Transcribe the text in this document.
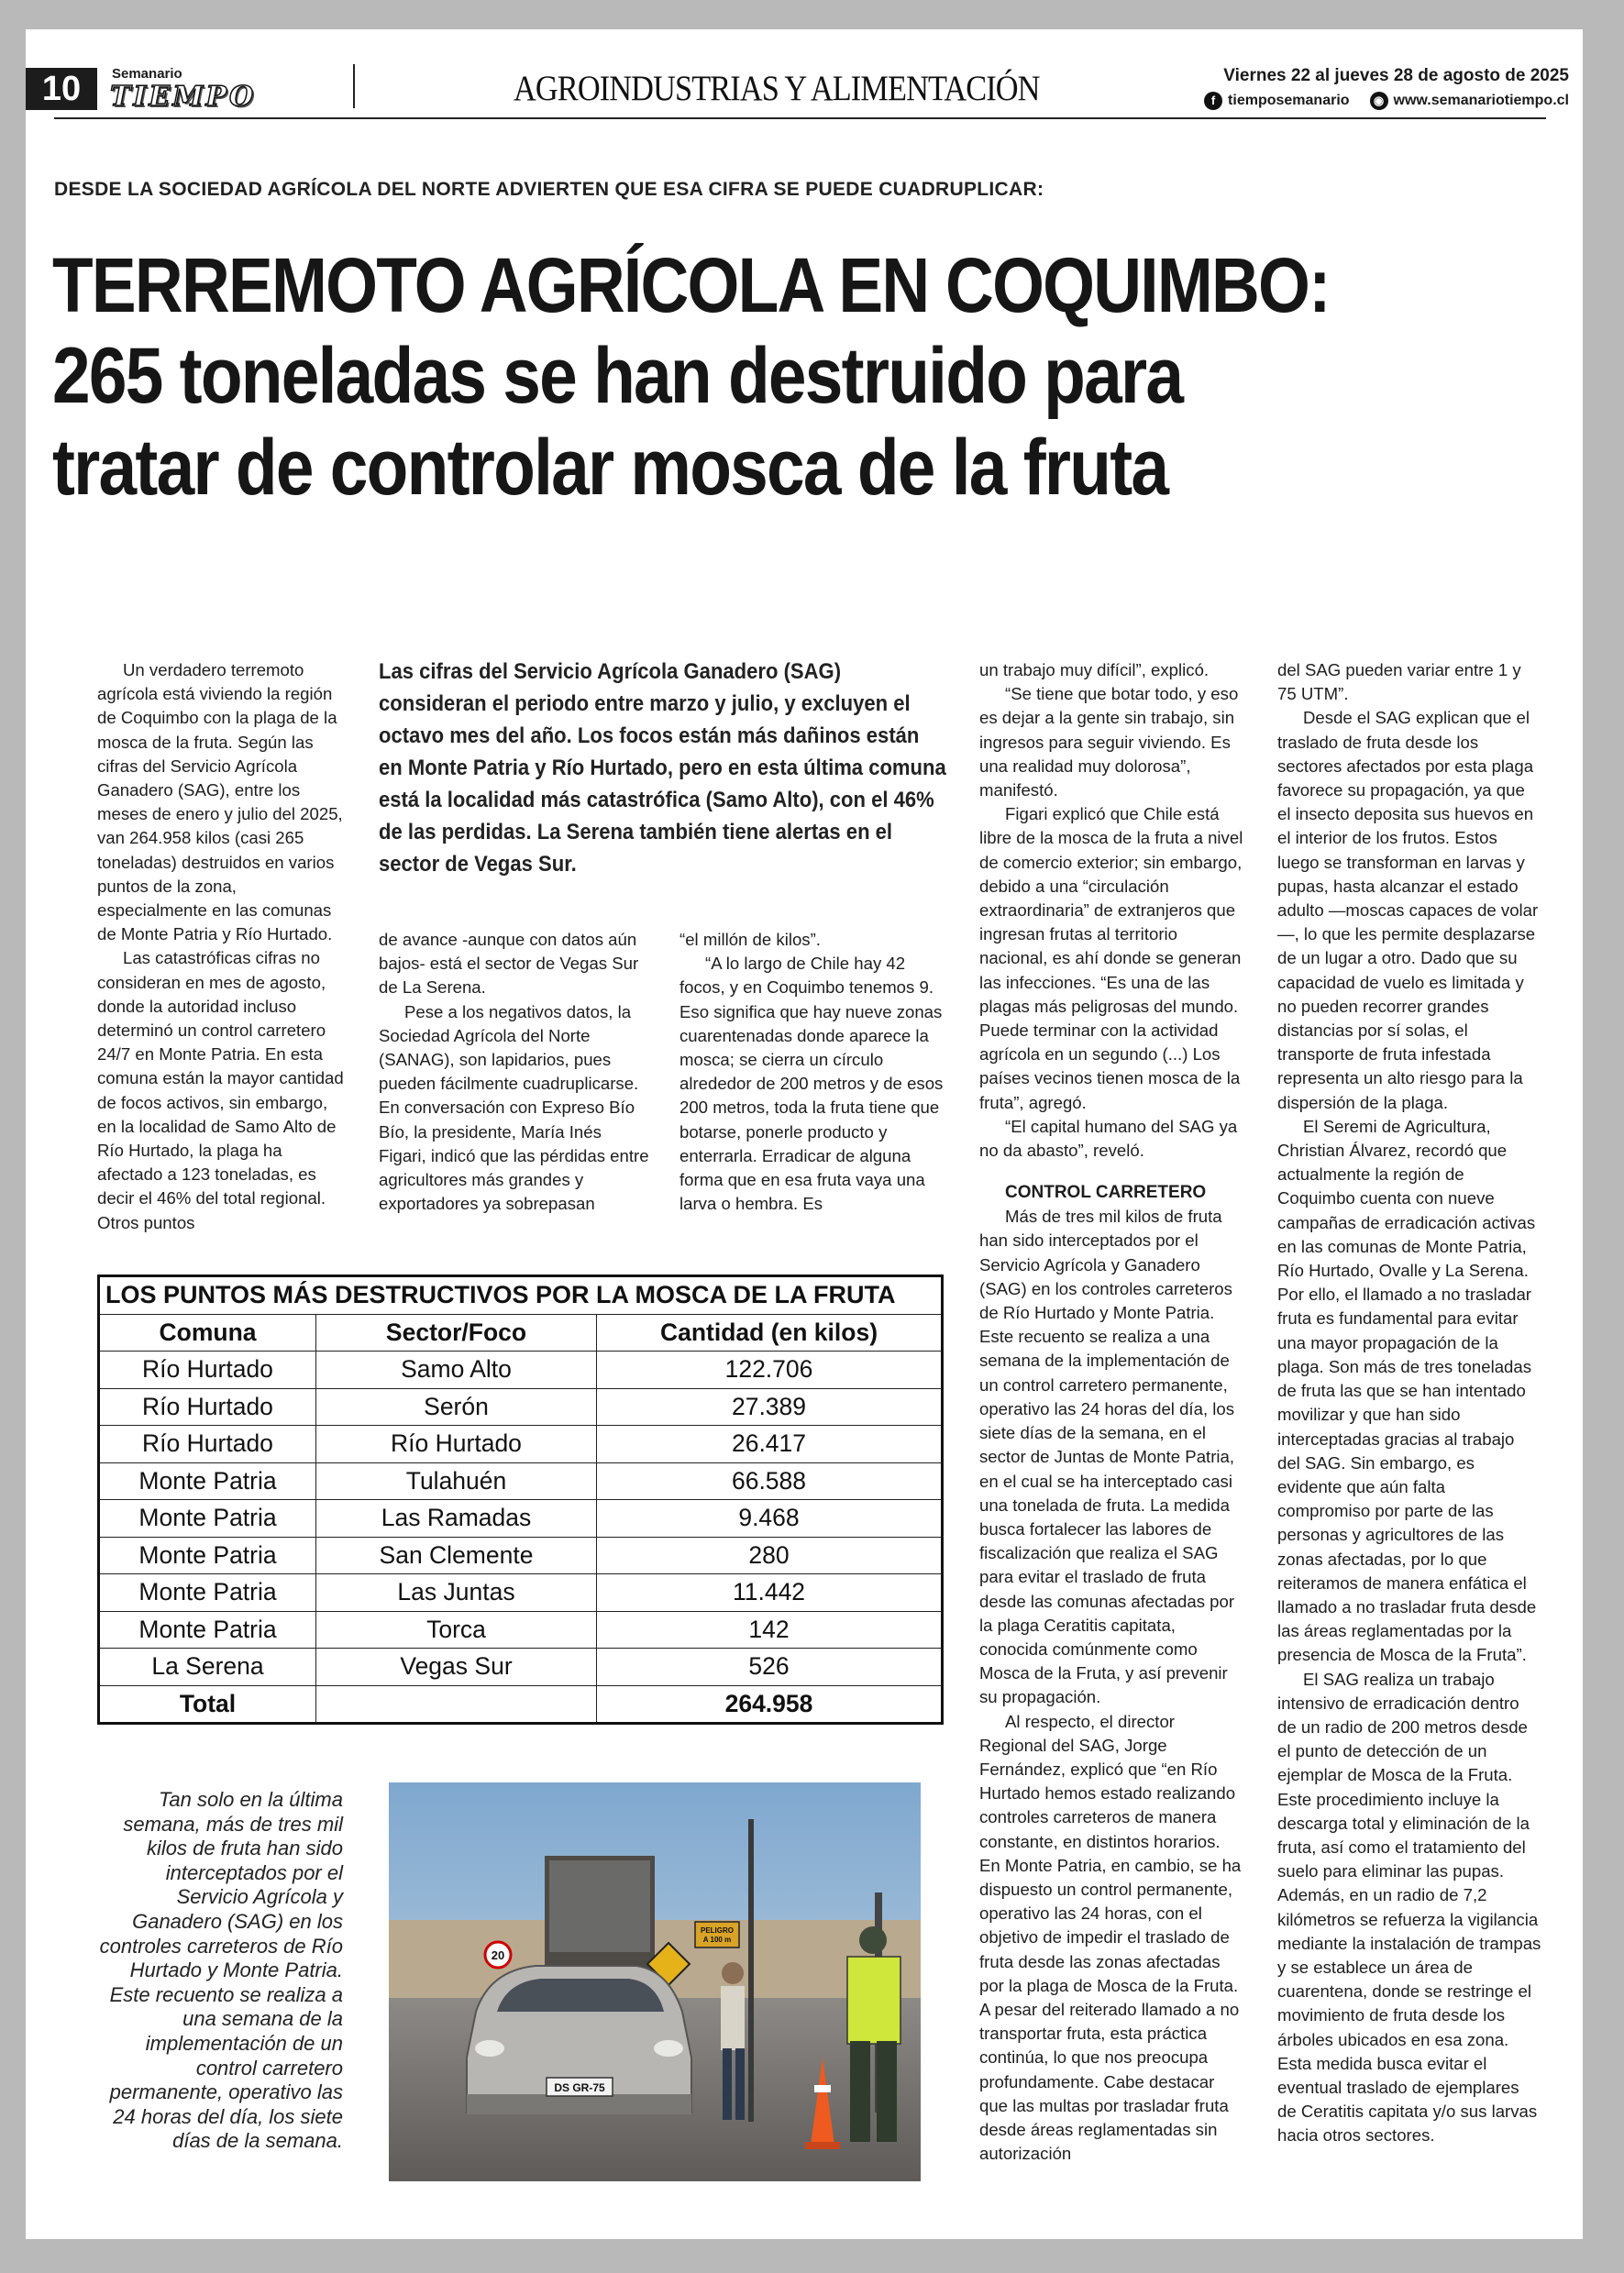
10	Semanario
TIEMPO	AGROINDUSTRIAS Y ALIMENTACIÓN	Viernes 22 al jueves 28 de agosto de 2025
f tiemposemanario	◉ www.semanariotiempo.cl
DESDE LA SOCIEDAD AGRÍCOLA DEL NORTE ADVIERTEN QUE ESA CIFRA SE PUEDE CUADRUPLICAR:
TERREMOTO AGRÍCOLA EN COQUIMBO:
265 toneladas se han destruido para
tratar de controlar mosca de la fruta

Un verdadero terremoto agrícola está viviendo la región de Coquimbo con la plaga de la mosca de la fruta. Según las cifras del Servicio Agrícola Ganadero (SAG), entre los meses de enero y julio del 2025, van 264.958 kilos (casi 265 toneladas) destruidos en varios puntos de la zona, especialmente en las comunas de Monte Patria y Río Hurtado.

Las catastróficas cifras no consideran en mes de agosto, donde la autoridad incluso determinó un control carretero 24/7 en Monte Patria. En esta comuna están la mayor cantidad de focos activos, sin embargo, en la localidad de Samo Alto de Río Hurtado, la plaga ha afectado a 123 toneladas, es decir el 46% del total regional. Otros puntos

Las cifras del Servicio Agrícola Ganadero (SAG) consideran el periodo entre marzo y julio, y excluyen el octavo mes del año. Los focos están más dañinos están en Monte Patria y Río Hurtado, pero en esta última comuna está la localidad más catastrófica (Samo Alto), con el 46% de las perdidas. La Serena también tiene alertas en el sector de Vegas Sur.

de avance -aunque con datos aún bajos- está el sector de Vegas Sur de La Serena.

Pese a los negativos datos, la Sociedad Agrícola del Norte (SANAG), son lapidarios, pues pueden fácilmente cuadruplicarse. En conversación con Expreso Bío Bío, la presidente, María Inés Figari, indicó que las pérdidas entre agricultores más grandes y exportadores ya sobrepasan

“el millón de kilos”.

“A lo largo de Chile hay 42 focos, y en Coquimbo tenemos 9. Eso significa que hay nueve zonas cuarentenadas donde aparece la mosca; se cierra un círculo alrededor de 200 metros y de esos 200 metros, toda la fruta tiene que botarse, ponerle producto y enterrarla. Erradicar de alguna forma que en esa fruta vaya una larva o hembra. Es

un trabajo muy difícil”, explicó.

“Se tiene que botar todo, y eso es dejar a la gente sin trabajo, sin ingresos para seguir viviendo. Es una realidad muy dolorosa”, manifestó.

Figari explicó que Chile está libre de la mosca de la fruta a nivel de comercio exterior; sin embargo, debido a una “circulación extraordinaria” de extranjeros que ingresan frutas al territorio nacional, es ahí donde se generan las infecciones. “Es una de las plagas más peligrosas del mundo. Puede terminar con la actividad agrícola en un segundo (...) Los países vecinos tienen mosca de la fruta”, agregó.

“El capital humano del SAG ya no da abasto”, reveló.

CONTROL CARRETERO

Más de tres mil kilos de fruta han sido interceptados por el Servicio Agrícola y Ganadero (SAG) en los controles carreteros de Río Hurtado y Monte Patria. Este recuento se realiza a una semana de la implementación de un control carretero permanente, operativo las 24 horas del día, los siete días de la semana, en el sector de Juntas de Monte Patria, en el cual se ha interceptado casi una tonelada de fruta. La medida busca fortalecer las labores de fiscalización que realiza el SAG para evitar el traslado de fruta desde las comunas afectadas por la plaga Ceratitis capitata, conocida comúnmente como Mosca de la Fruta, y así prevenir su propagación.

Al respecto, el director Regional del SAG, Jorge Fernández, explicó que “en Río Hurtado hemos estado realizando controles carreteros de manera constante, en distintos horarios. En Monte Patria, en cambio, se ha dispuesto un control permanente, operativo las 24 horas, con el objetivo de impedir el traslado de fruta desde las zonas afectadas por la plaga de Mosca de la Fruta. A pesar del reiterado llamado a no transportar fruta, esta práctica continúa, lo que nos preocupa profundamente. Cabe destacar que las multas por trasladar fruta desde áreas reglamentadas sin autorización

del SAG pueden variar entre 1 y 75 UTM”.

Desde el SAG explican que el traslado de fruta desde los sectores afectados por esta plaga favorece su propagación, ya que el insecto deposita sus huevos en el interior de los frutos. Estos luego se transforman en larvas y pupas, hasta alcanzar el estado adulto —moscas capaces de volar—, lo que les permite desplazarse de un lugar a otro. Dado que su capacidad de vuelo es limitada y no pueden recorrer grandes distancias por sí solas, el transporte de fruta infestada representa un alto riesgo para la dispersión de la plaga.

El Seremi de Agricultura, Christian Álvarez, recordó que actualmente la región de Coquimbo cuenta con nueve campañas de erradicación activas en las comunas de Monte Patria, Río Hurtado, Ovalle y La Serena. Por ello, el llamado a no trasladar fruta es fundamental para evitar una mayor propagación de la plaga. Son más de tres toneladas de fruta las que se han intentado movilizar y que han sido interceptadas gracias al trabajo del SAG. Sin embargo, es evidente que aún falta compromiso por parte de las personas y agricultores de las zonas afectadas, por lo que reiteramos de manera enfática el llamado a no trasladar fruta desde las áreas reglamentadas por la presencia de Mosca de la Fruta”.

El SAG realiza un trabajo intensivo de erradicación dentro de un radio de 200 metros desde el punto de detección de un ejemplar de Mosca de la Fruta. Este procedimiento incluye la descarga total y eliminación de la fruta, así como el tratamiento del suelo para eliminar las pupas. Además, en un radio de 7,2 kilómetros se refuerza la vigilancia mediante la instalación de trampas y se establece un área de cuarentena, donde se restringe el movimiento de fruta desde los árboles ubicados en esa zona. Esta medida busca evitar el eventual traslado de ejemplares de Ceratitis capitata y/o sus larvas hacia otros sectores.

LOS PUNTOS MÁS DESTRUCTIVOS POR LA MOSCA DE LA FRUTA		
Comuna	Sector/Foco	Cantidad (en kilos)
Río Hurtado	Samo Alto	122.706
Río Hurtado	Serón	27.389
Río Hurtado	Río Hurtado	26.417
Monte Patria	Tulahuén	66.588
Monte Patria	Las Ramadas	9.468
Monte Patria	San Clemente	280
Monte Patria	Las Juntas	11.442
Monte Patria	Torca	142
La Serena	Vegas Sur	526
Total		264.958
Tan solo en la última semana, más de tres mil kilos de fruta han sido interceptados por el Servicio Agrícola y Ganadero (SAG) en los controles carreteros de Río Hurtado y Monte Patria. Este recuento se realiza a una semana de la implementación de un control carretero permanente, operativo las 24 horas del día, los siete días de la semana.
PELIGRO
A 100 m
20
DS GR-75
